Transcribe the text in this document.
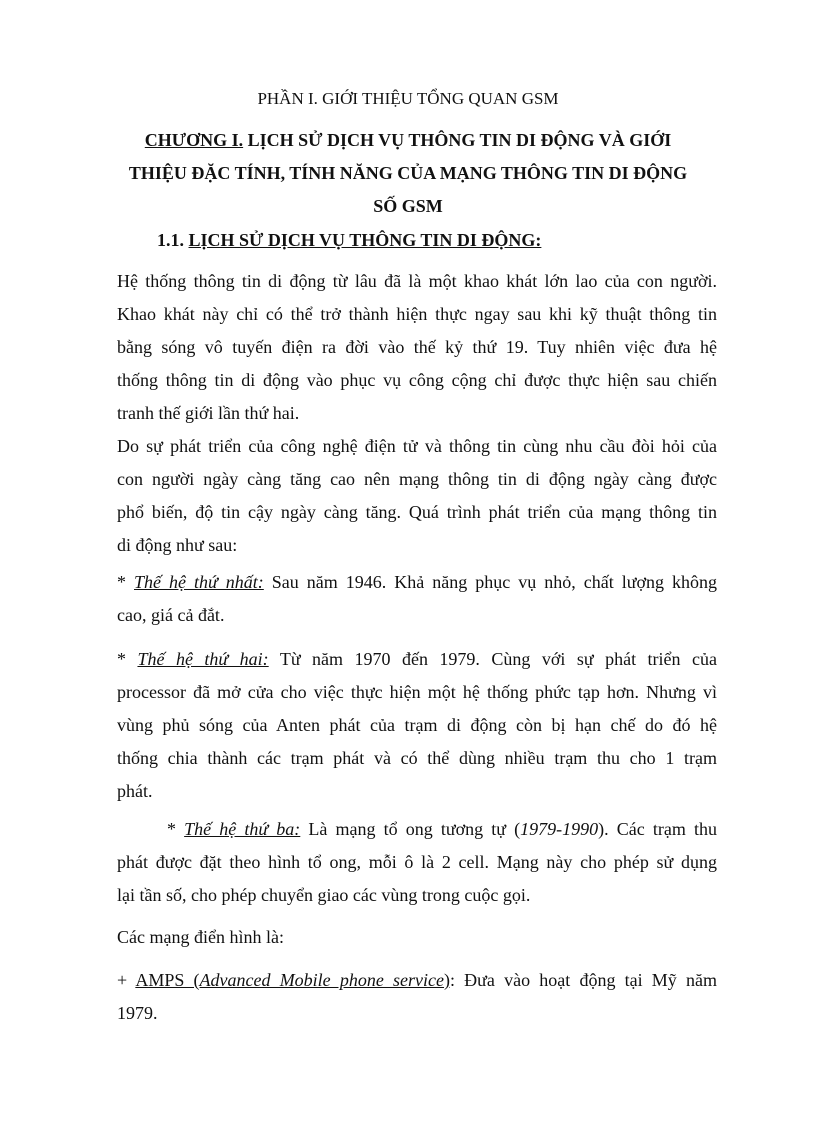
PHẦN I. GIỚI THIỆU TỔNG QUAN GSM
CHƯƠNG I. LỊCH SỬ DỊCH VỤ THÔNG TIN DI ĐỘNG VÀ GIỚI
THIỆU ĐẶC TÍNH, TÍNH NĂNG CỦA MẠNG THÔNG TIN DI ĐỘNG
SỐ GSM
1.1. LỊCH SỬ DỊCH VỤ THÔNG TIN DI ĐỘNG:
Hệ thống thông tin di động từ lâu đã là một khao khát lớn lao của con người.
Khao khát này chỉ có thể trở thành hiện thực ngay sau khi kỹ thuật thông tin
bằng sóng vô tuyến điện ra đời vào thế kỷ thứ 19. Tuy nhiên việc đưa hệ
thống thông tin di động vào phục vụ công cộng chỉ được thực hiện sau chiến
tranh thế giới lần thứ hai.
Do sự phát triển của công nghệ điện tử và thông tin cùng nhu cầu đòi hỏi của
con người ngày càng tăng cao nên mạng thông tin di động ngày càng được
phổ biến, độ tin cậy ngày càng tăng. Quá trình phát triển của mạng thông tin
di động như sau:
* Thế hệ thứ nhất: Sau năm 1946. Khả năng phục vụ nhỏ, chất lượng không
cao, giá cả đắt.
* Thế hệ thứ hai: Từ năm 1970 đến 1979. Cùng với sự phát triển của
processor đã mở cửa cho việc thực hiện một hệ thống phức tạp hơn. Nhưng vì
vùng phủ sóng của Anten phát của trạm di động còn bị hạn chế do đó hệ
thống chia thành các trạm phát và có thể dùng nhiều trạm thu cho 1 trạm
phát.
* Thế hệ thứ ba: Là mạng tổ ong tương tự (1979-1990). Các trạm thu
phát được đặt theo hình tổ ong, mỗi ô là 2 cell. Mạng này cho phép sử dụng
lại tần số, cho phép chuyển giao các vùng trong cuộc gọi.
Các mạng điển hình là:
+ AMPS (Advanced Mobile phone service): Đưa vào hoạt động tại Mỹ năm
1979.
